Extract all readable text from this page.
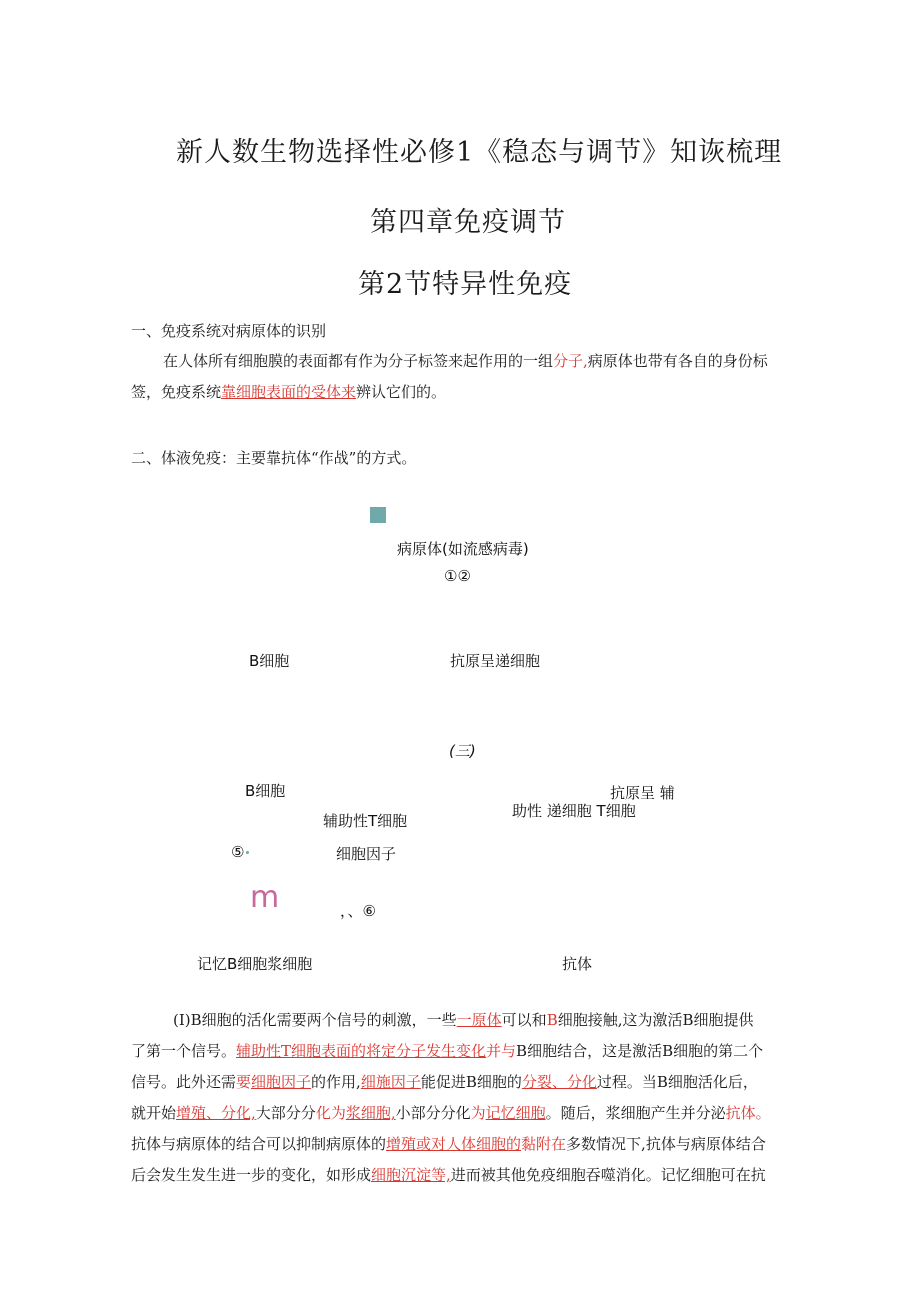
新人数生物选择性必修1《稳态与调节》知诙梳理
第四章免疫调节
第2节特异性免疫
一、免疫系统对病原体的识别
在人体所有细胞膜的表面都有作为分子标签来起作用的一组分子,病原体也带有各自的身份标
签，免疫系统靠细胞表面的受体来辨认它们的。
二、体液免疫：主要靠抗体“作战”的方式。
病原体(如流感病毒)
①②
B细胞	抗原呈递细胞
(三)
B细胞	抗原呈 辅
助性 递细胞 T细胞
辅助性T细胞
⑤	细胞因子
m	，、⑥
记忆B细胞浆细胞	抗体
(I)B细胞的活化需要两个信号的刺激，一些一原体可以和B细胞接触,这为激活B细胞提供
了第一个信号。辅助性T细胞表面的将定分子发生变化并与B细胞结合，这是激活B细胞的第二个
信号。此外还需要细胞因子的作用,细施因子能促进B细胞的分裂、分化过程。当B细胞活化后，
就开始增殖、分化,大部分分化为浆细胞,小部分分化为记忆细胞。随后，浆细胞产生并分泌抗体。
抗体与病原体的结合可以抑制病原体的增殖或对人体细胞的黏附在多数情况下,抗体与病原体结合
后会发生发生进一步的变化，如形成细胞沉淀等,进而被其他免疫细胞吞噬消化。记忆细胞可在抗
